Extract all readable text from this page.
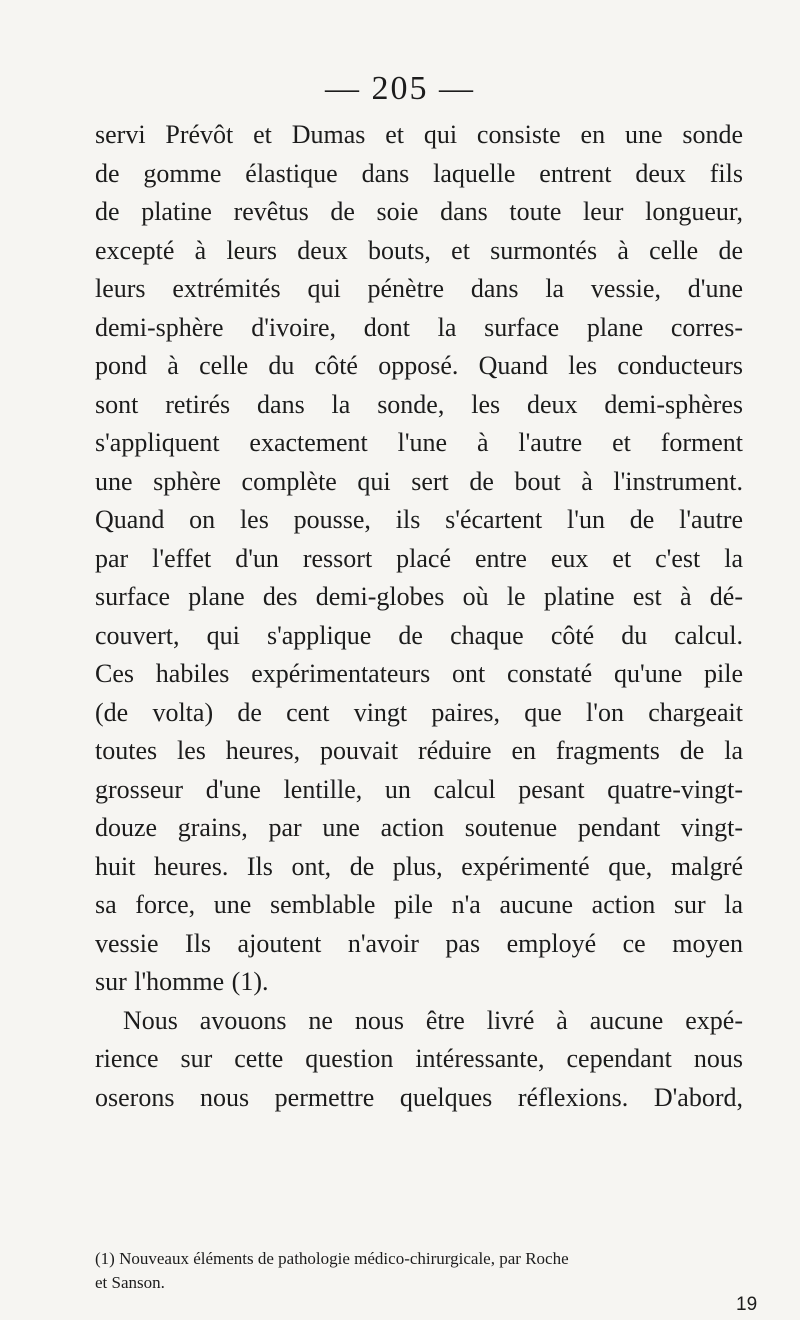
— 205 —
servi Prévôt et Dumas et qui consiste en une sonde
de gomme élastique dans laquelle entrent deux fils
de platine revêtus de soie dans toute leur longueur,
excepté à leurs deux bouts, et surmontés à celle de
leurs extrémités qui pénètre dans la vessie, d'une
demi-sphère d'ivoire, dont la surface plane corres-
pond à celle du côté opposé. Quand les conducteurs
sont retirés dans la sonde, les deux demi-sphères
s'appliquent exactement l'une à l'autre et forment
une sphère complète qui sert de bout à l'instrument.
Quand on les pousse, ils s'écartent l'un de l'autre
par l'effet d'un ressort placé entre eux et c'est la
surface plane des demi-globes où le platine est à dé-
couvert, qui s'applique de chaque côté du calcul.
Ces habiles expérimentateurs ont constaté qu'une pile
(de volta) de cent vingt paires, que l'on chargeait
toutes les heures, pouvait réduire en fragments de la
grosseur d'une lentille, un calcul pesant quatre-vingt-
douze grains, par une action soutenue pendant vingt-
huit heures. Ils ont, de plus, expérimenté que, malgré
sa force, une semblable pile n'a aucune action sur la
vessie Ils ajoutent n'avoir pas employé ce moyen
sur l'homme (1).
Nous avouons ne nous être livré à aucune expé-
rience sur cette question intéressante, cependant nous
oserons nous permettre quelques réflexions. D'abord,
(1) Nouveaux éléments de pathologie médico-chirurgicale, par Roche
et Sanson.
19
